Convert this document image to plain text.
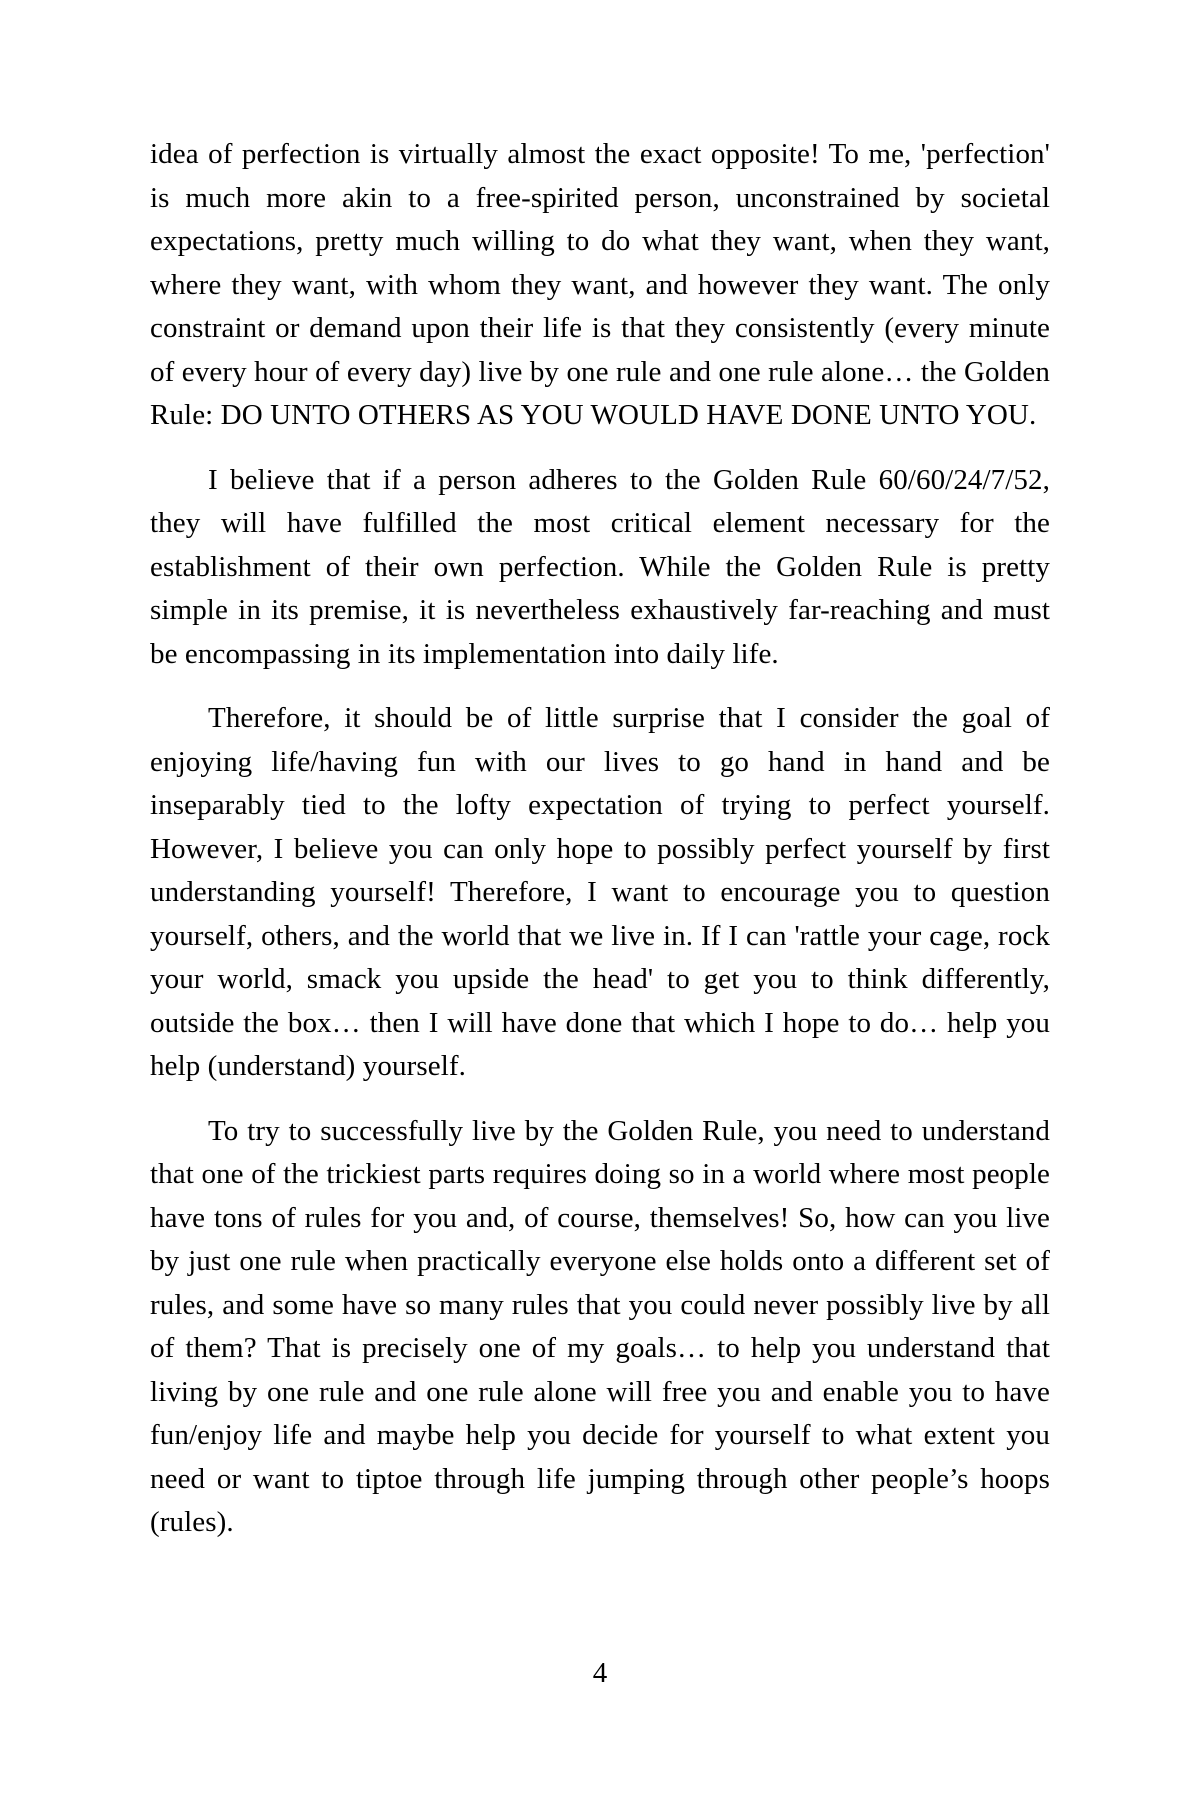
idea of perfection is virtually almost the exact opposite! To me, 'perfection' is much more akin to a free-spirited person, unconstrained by societal expectations, pretty much willing to do what they want, when they want, where they want, with whom they want, and however they want. The only constraint or demand upon their life is that they consistently (every minute of every hour of every day) live by one rule and one rule alone… the Golden Rule: DO UNTO OTHERS AS YOU WOULD HAVE DONE UNTO YOU.

I believe that if a person adheres to the Golden Rule 60/60/24/7/52, they will have fulfilled the most critical element necessary for the establishment of their own perfection. While the Golden Rule is pretty simple in its premise, it is nevertheless exhaustively far-reaching and must be encompassing in its implementation into daily life.

Therefore, it should be of little surprise that I consider the goal of enjoying life/having fun with our lives to go hand in hand and be inseparably tied to the lofty expectation of trying to perfect yourself. However, I believe you can only hope to possibly perfect yourself by first understanding yourself! Therefore, I want to encourage you to question yourself, others, and the world that we live in. If I can 'rattle your cage, rock your world, smack you upside the head' to get you to think differently, outside the box… then I will have done that which I hope to do… help you help (understand) yourself.

To try to successfully live by the Golden Rule, you need to understand that one of the trickiest parts requires doing so in a world where most people have tons of rules for you and, of course, themselves! So, how can you live by just one rule when practically everyone else holds onto a different set of rules, and some have so many rules that you could never possibly live by all of them? That is precisely one of my goals… to help you understand that living by one rule and one rule alone will free you and enable you to have fun/enjoy life and maybe help you decide for yourself to what extent you need or want to tiptoe through life jumping through other people’s hoops (rules).

4
